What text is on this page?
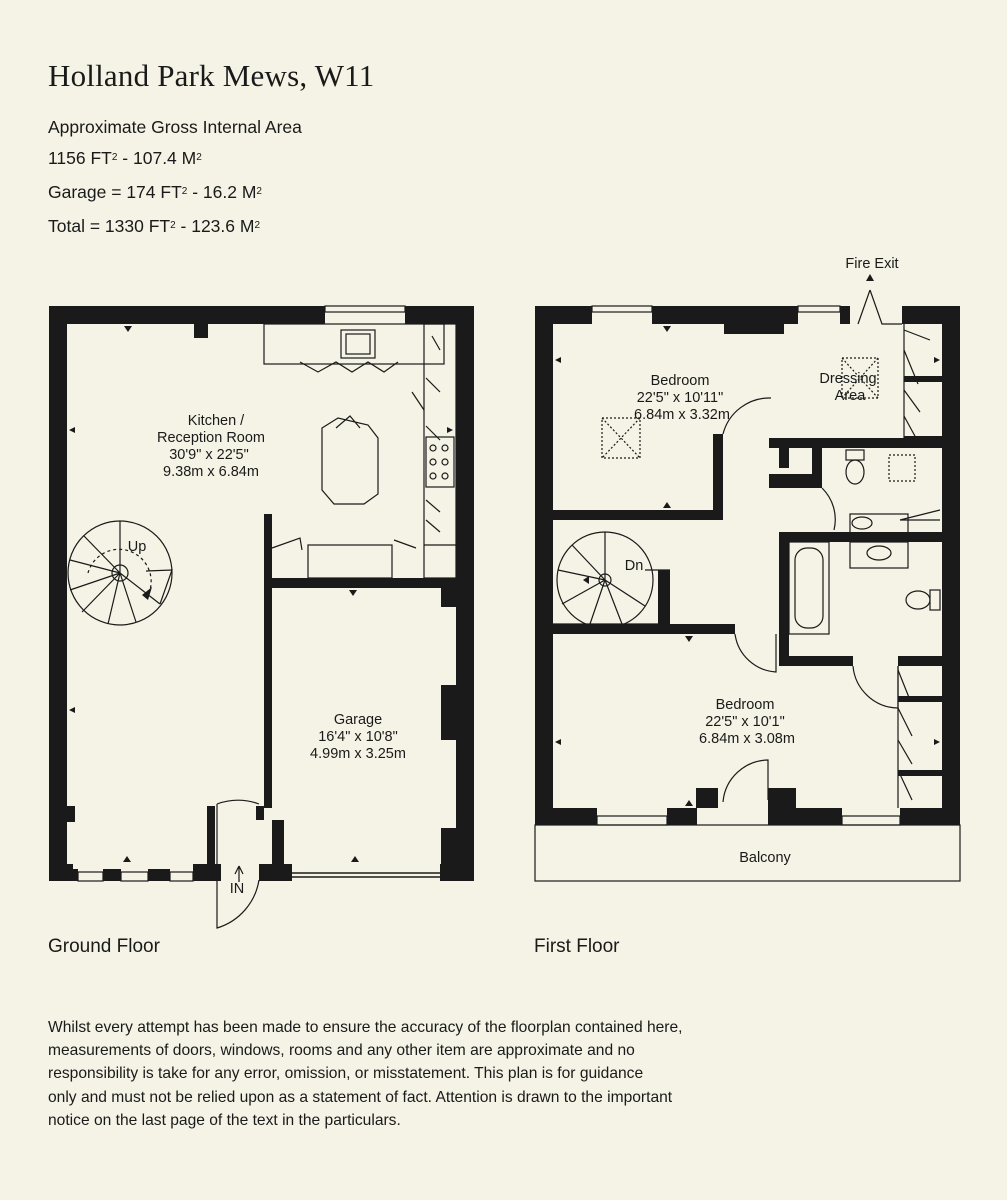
Holland Park Mews, W11
Approximate Gross Internal Area
1156 $FT^2 - 107.4$ $M^2$
Garage = 174 $FT^2 - 16.2$ $M^2$
Total = 1330 $FT^2 - 123.6$ $M^2$
Kitchen /
Reception Room
30'9" x 22'5"
9.38m x 6.84m
Garage
16'4" x 10'8"
4.99m x 3.25m
Up
IN
Bedroom
22'5" x 10'11"
6.84m x 3.32m
Dressing
Area
Bedroom
22'5" x 10'1"
6.84m x 3.08m
Fire Exit
Dn
Balcony
Ground Floor	First Floor
Whilst every attempt has been made to ensure the accuracy of the floorplan contained here,
measurements of doors, windows, rooms and any other item are approximate and no
responsibility is take for any error, omission, or misstatement. This plan is for guidance
only and must not be relied upon as a statement of fact. Attention is drawn to the important
notice on the last page of the text in the particulars.
